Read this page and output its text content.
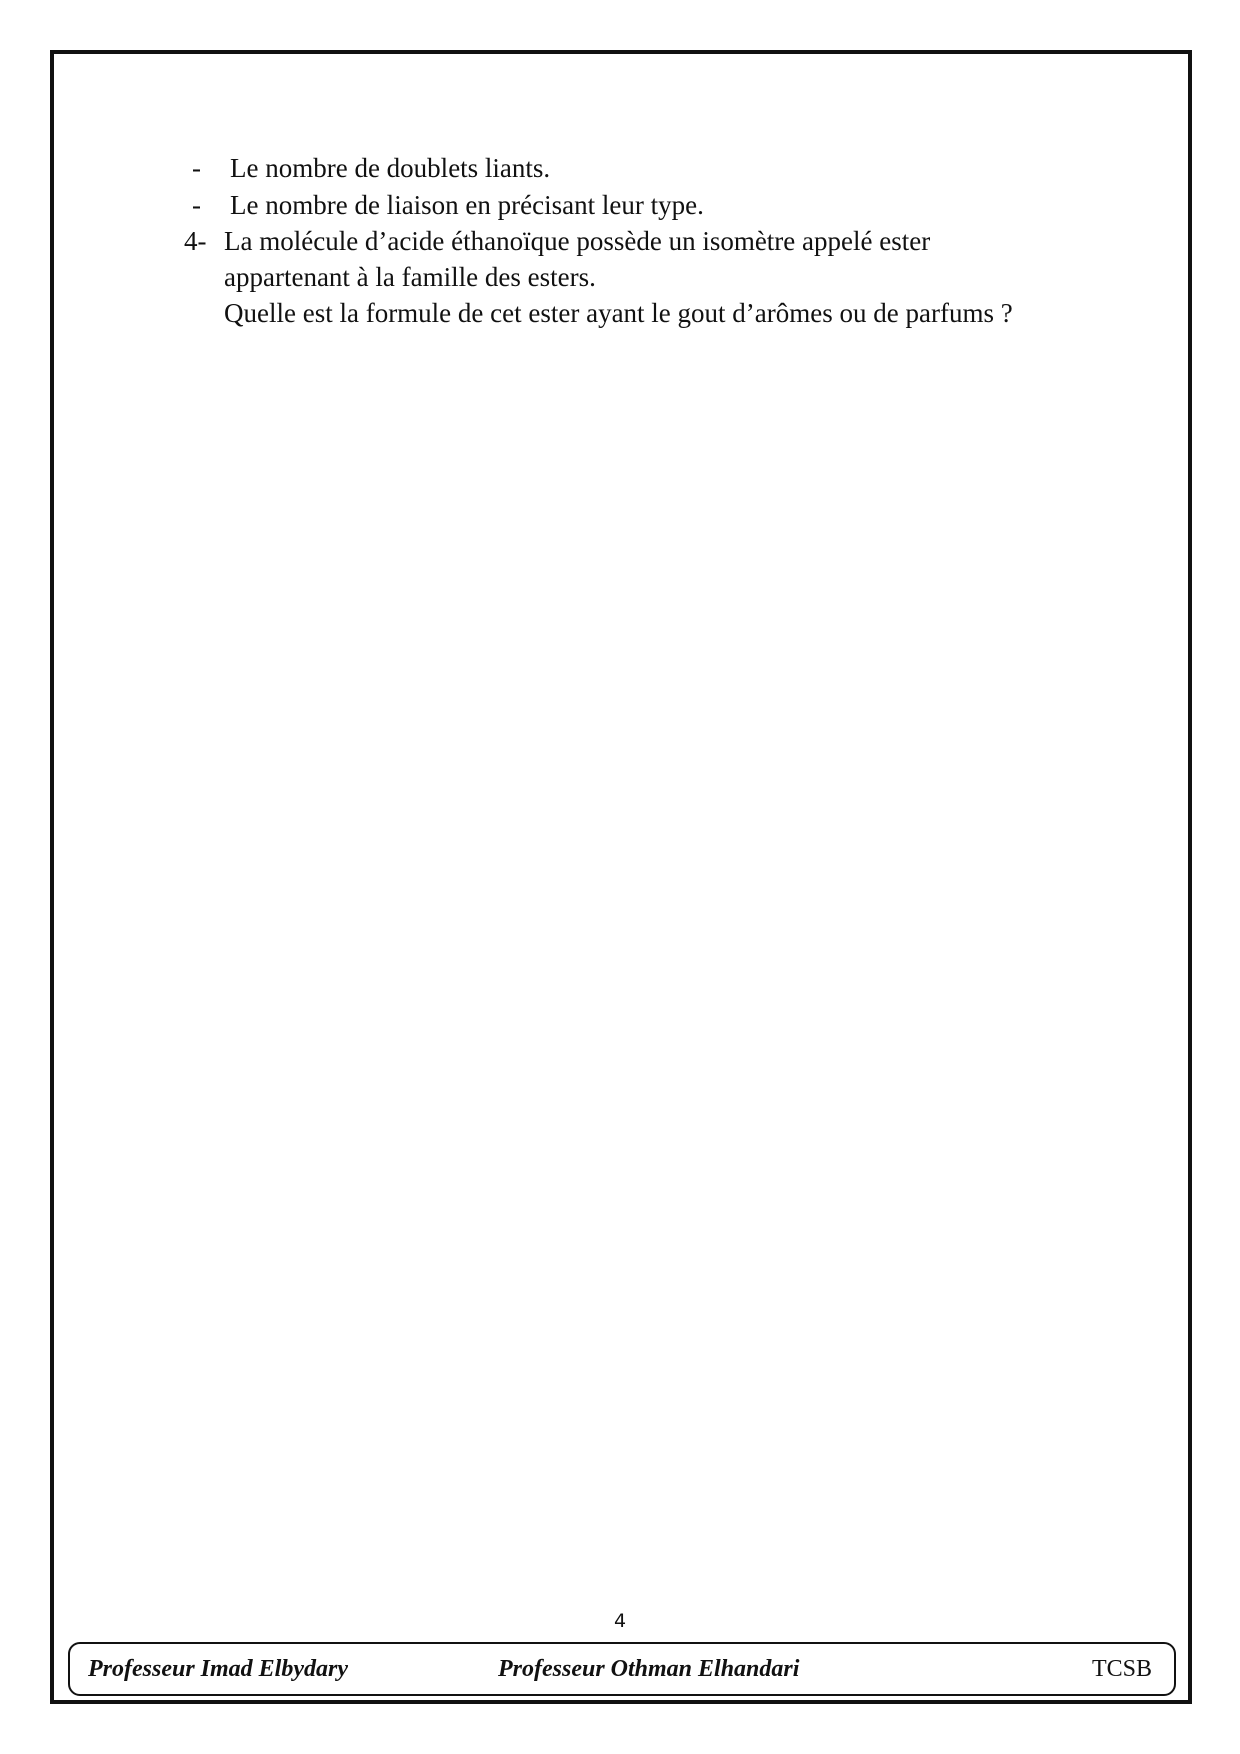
- Le nombre de doublets liants.
- Le nombre de liaison en précisant leur type.
4- La molécule d’acide éthanoïque possède un isomètre appelé ester
appartenant à la famille des esters.
Quelle est la formule de cet ester ayant le gout d’arômes ou de parfums ?
4
Professeur Imad Elbydary	Professeur Othman Elhandari	TCSB
